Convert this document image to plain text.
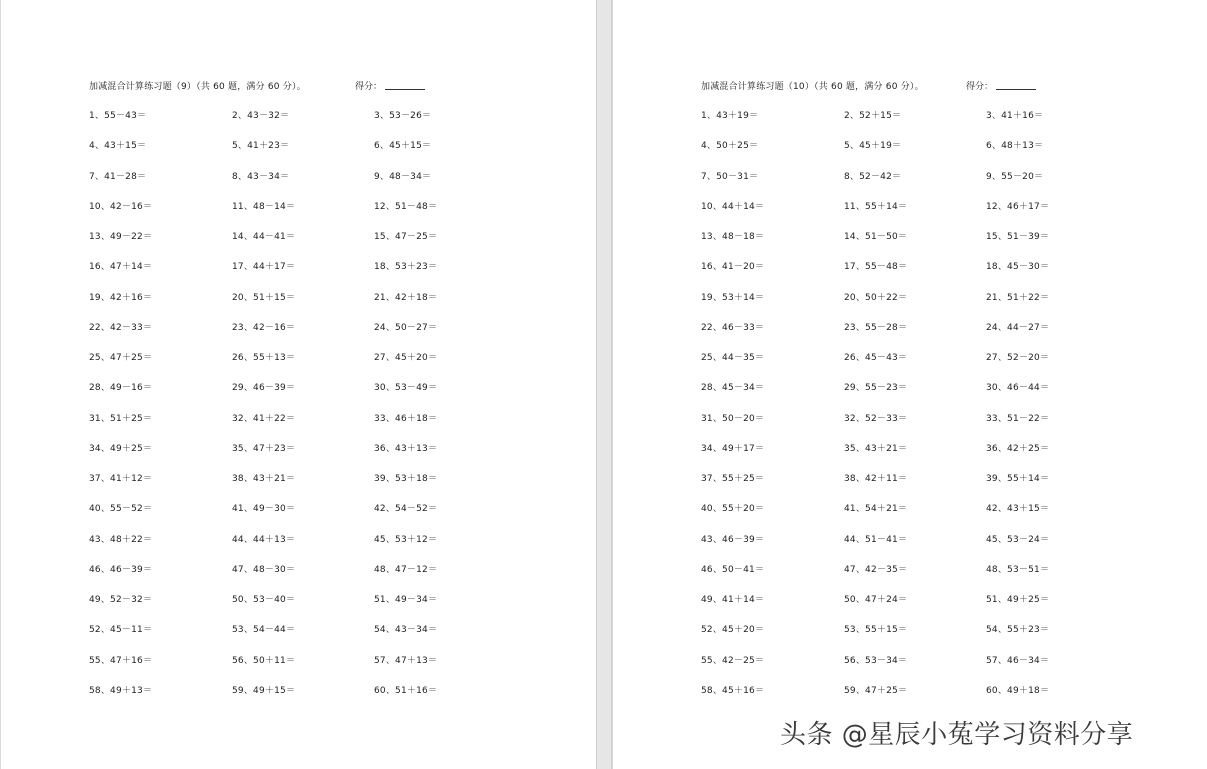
加减混合计算练习题（9）（共 60 题，满分 60 分）。	得分：
1、55－43＝	2、43－32＝	3、53－26＝
4、43＋15＝	5、41＋23＝	6、45＋15＝
7、41－28＝	8、43－34＝	9、48－34＝
10、42－16＝	11、48－14＝	12、51－48＝
13、49－22＝	14、44－41＝	15、47－25＝
16、47＋14＝	17、44＋17＝	18、53＋23＝
19、42＋16＝	20、51＋15＝	21、42＋18＝
22、42－33＝	23、42－16＝	24、50－27＝
25、47＋25＝	26、55＋13＝	27、45＋20＝
28、49－16＝	29、46－39＝	30、53－49＝
31、51＋25＝	32、41＋22＝	33、46＋18＝
34、49＋25＝	35、47＋23＝	36、43＋13＝
37、41＋12＝	38、43＋21＝	39、53＋18＝
40、55－52＝	41、49－30＝	42、54－52＝
43、48＋22＝	44、44＋13＝	45、53＋12＝
46、46－39＝	47、48－30＝	48、47－12＝
49、52－32＝	50、53－40＝	51、49－34＝
52、45－11＝	53、54－44＝	54、43－34＝
55、47＋16＝	56、50＋11＝	57、47＋13＝
58、49＋13＝	59、49＋15＝	60、51＋16＝
加减混合计算练习题（10）（共 60 题，满分 60 分）。	得分：
1、43＋19＝	2、52＋15＝	3、41＋16＝
4、50＋25＝	5、45＋19＝	6、48＋13＝
7、50－31＝	8、52－42＝	9、55－20＝
10、44＋14＝	11、55＋14＝	12、46＋17＝
13、48－18＝	14、51－50＝	15、51－39＝
16、41－20＝	17、55－48＝	18、45－30＝
19、53＋14＝	20、50＋22＝	21、51＋22＝
22、46－33＝	23、55－28＝	24、44－27＝
25、44－35＝	26、45－43＝	27、52－20＝
28、45－34＝	29、55－23＝	30、46－44＝
31、50－20＝	32、52－33＝	33、51－22＝
34、49＋17＝	35、43＋21＝	36、42＋25＝
37、55＋25＝	38、42＋11＝	39、55＋14＝
40、55＋20＝	41、54＋21＝	42、43＋15＝
43、46－39＝	44、51－41＝	45、53－24＝
46、50－41＝	47、42－35＝	48、53－51＝
49、41＋14＝	50、47＋24＝	51、49＋25＝
52、45＋20＝	53、55＋15＝	54、55＋23＝
55、42－25＝	56、53－34＝	57、46－34＝
58、45＋16＝	59、47＋25＝	60、49＋18＝
头条 @星辰小菟学习资料分享
